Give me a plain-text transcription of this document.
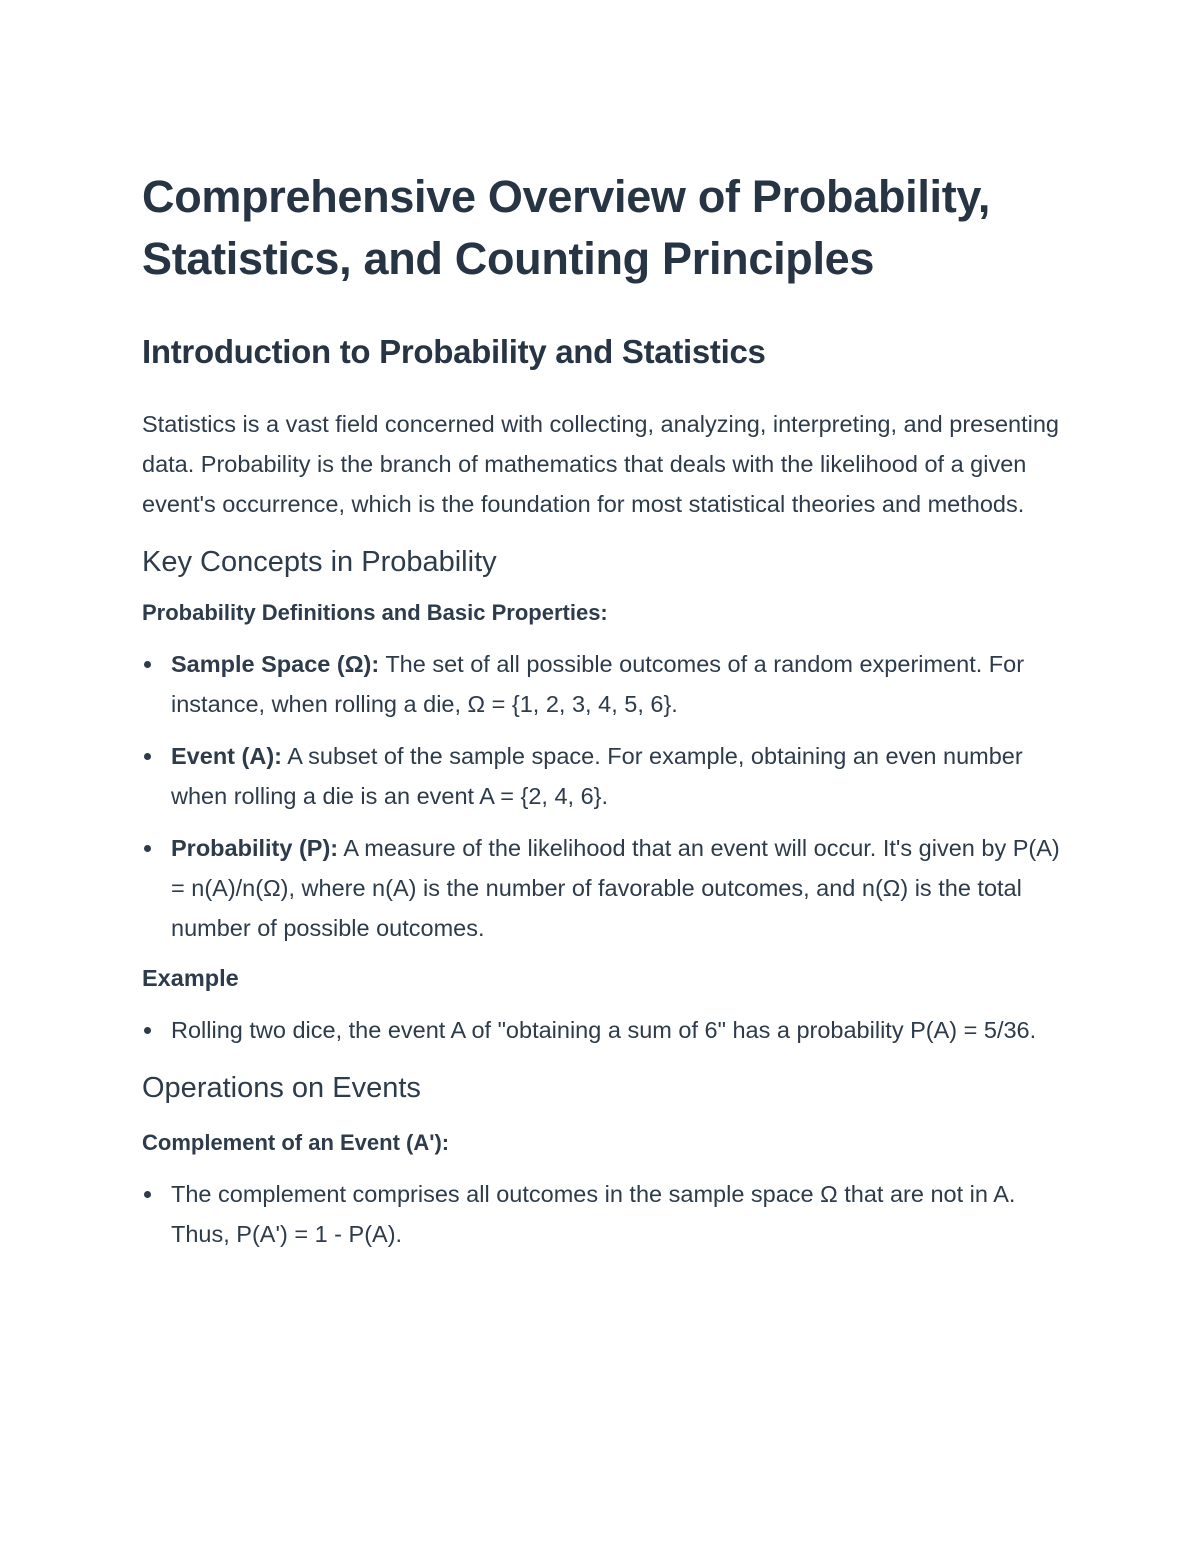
Comprehensive Overview of Probability, Statistics, and Counting Principles
Introduction to Probability and Statistics

Statistics is a vast field concerned with collecting, analyzing, interpreting, and presenting data. Probability is the branch of mathematics that deals with the likelihood of a given event's occurrence, which is the foundation for most statistical theories and methods.

Key Concepts in Probability
Probability Definitions and Basic Properties:
Sample Space (Ω): The set of all possible outcomes of a random experiment. For instance, when rolling a die, Ω = {1, 2, 3, 4, 5, 6}.
Event (A): A subset of the sample space. For example, obtaining an even number when rolling a die is an event A = {2, 4, 6}.
Probability (P): A measure of the likelihood that an event will occur. It's given by P(A) = n(A)/n(Ω), where n(A) is the number of favorable outcomes, and n(Ω) is the total number of possible outcomes.
Example
Rolling two dice, the event A of "obtaining a sum of 6" has a probability P(A) = 5/36.
Operations on Events
Complement of an Event (A'):
The complement comprises all outcomes in the sample space Ω that are not in A. Thus, P(A') = 1 - P(A).
